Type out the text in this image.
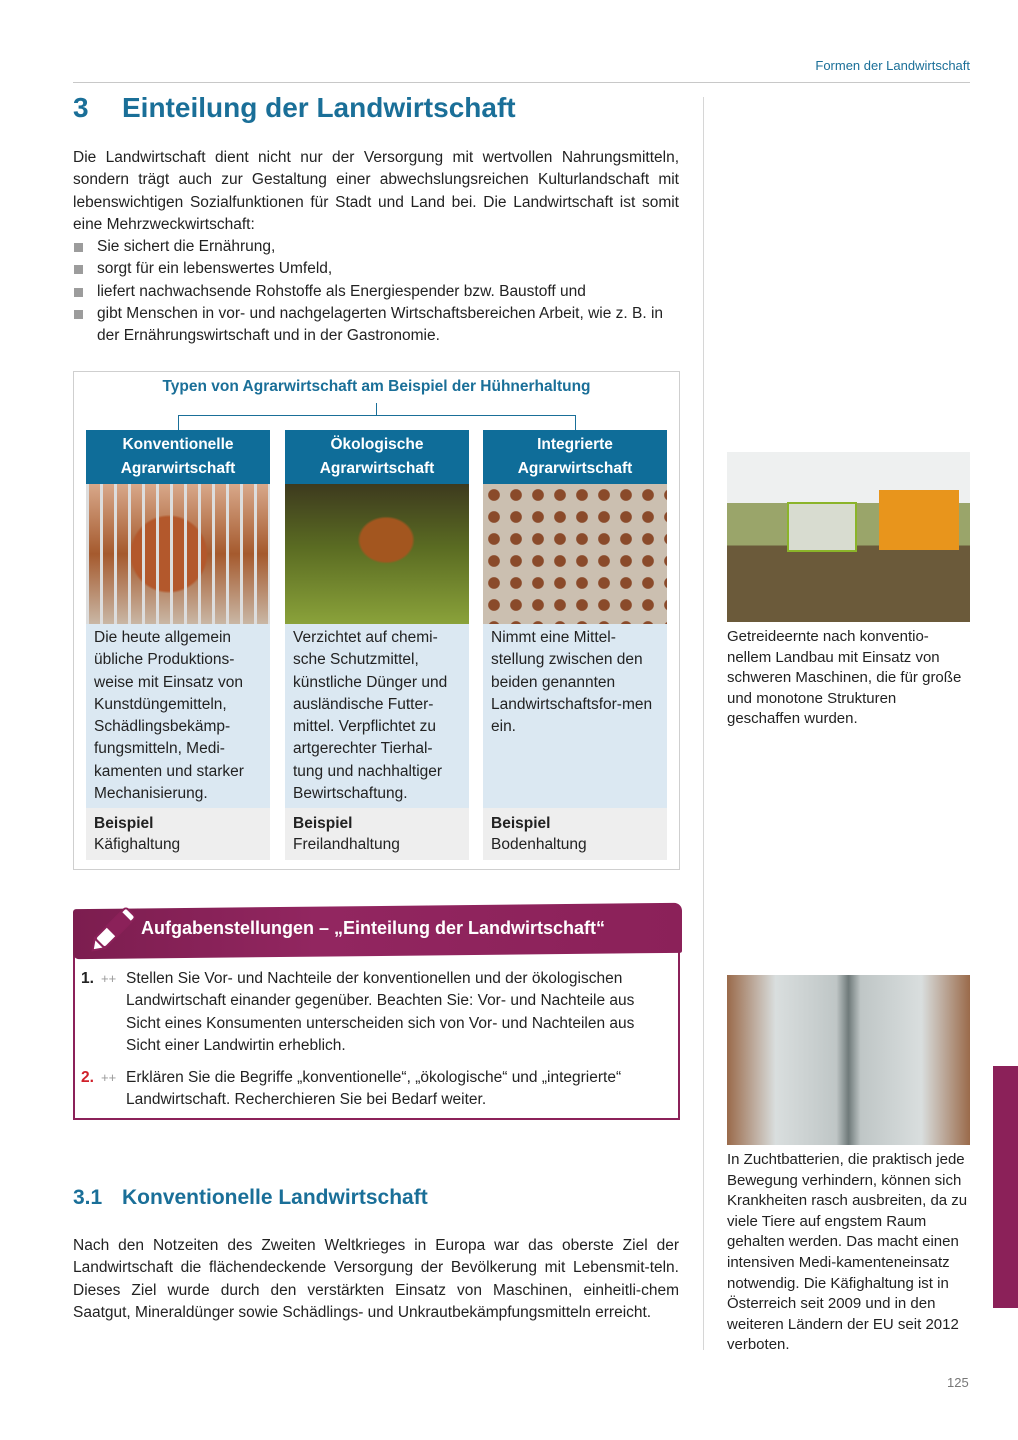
Formen der Landwirtschaft
3 Einteilung der Landwirtschaft

Die Landwirtschaft dient nicht nur der Versorgung mit wertvollen Nahrungsmitteln, sondern trägt auch zur Gestaltung einer abwechslungsreichen Kulturlandschaft mit lebenswichtigen Sozialfunktionen für Stadt und Land bei. Die Landwirtschaft ist somit eine Mehrzweckwirtschaft:

Sie sichert die Ernährung,
sorgt für ein lebenswertes Umfeld,
liefert nachwachsende Rohstoffe als Energiespender bzw. Baustoff und
gibt Menschen in vor- und nachgelagerten Wirtschaftsbereichen Arbeit, wie z. B. in der Ernährungswirtschaft und in der Gastronomie.
Typen von Agrarwirtschaft am Beispiel der Hühnerhaltung
Konventionelle
Agrarwirtschaft
Die heute allgemein übliche Produktions-weise mit Einsatz von Kunstdüngemitteln, Schädlingsbekämp-fungsmitteln, Medi-kamenten und starker Mechanisierung.
Beispiel
Käfighaltung
Ökologische
Agrarwirtschaft
Verzichtet auf chemi-sche Schutzmittel, künstliche Dünger und ausländische Futter-mittel. Verpflichtet zu artgerechter Tierhal-tung und nachhaltiger Bewirtschaftung.
Beispiel
Freilandhaltung
Integrierte
Agrarwirtschaft
Nimmt eine Mittel-stellung zwischen den beiden genannten Landwirtschaftsfor-men ein.
Beispiel
Bodenhaltung
Aufgabenstellungen – „Einteilung der Landwirtschaft“
1. ++ Stellen Sie Vor- und Nachteile der konventionellen und der ökologischen Landwirtschaft einander gegenüber. Beachten Sie: Vor- und Nachteile aus Sicht eines Konsumenten unterscheiden sich von Vor- und Nachteilen aus Sicht einer Landwirtin erheblich.
2. ++ Erklären Sie die Begriffe „konventionelle“, „ökologische“ und „integrierte“ Landwirtschaft. Recherchieren Sie bei Bedarf weiter.
3.1 Konventionelle Landwirtschaft

Nach den Notzeiten des Zweiten Weltkrieges in Europa war das oberste Ziel der Landwirtschaft die flächendeckende Versorgung der Bevölkerung mit Lebensmit-teln. Dieses Ziel wurde durch den verstärkten Einsatz von Maschinen, einheitli-chem Saatgut, Mineraldünger sowie Schädlings- und Unkrautbekämpfungsmitteln erreicht.

Getreideernte nach konventio-nellem Landbau mit Einsatz von schweren Maschinen, die für große und monotone Strukturen geschaffen wurden.

In Zuchtbatterien, die praktisch jede Bewegung verhindern, können sich Krankheiten rasch ausbreiten, da zu viele Tiere auf engstem Raum gehalten werden. Das macht einen intensiven Medi-kamenteneinsatz notwendig. Die Käfighaltung ist in Österreich seit 2009 und in den weiteren Ländern der EU seit 2012 verboten.

125
